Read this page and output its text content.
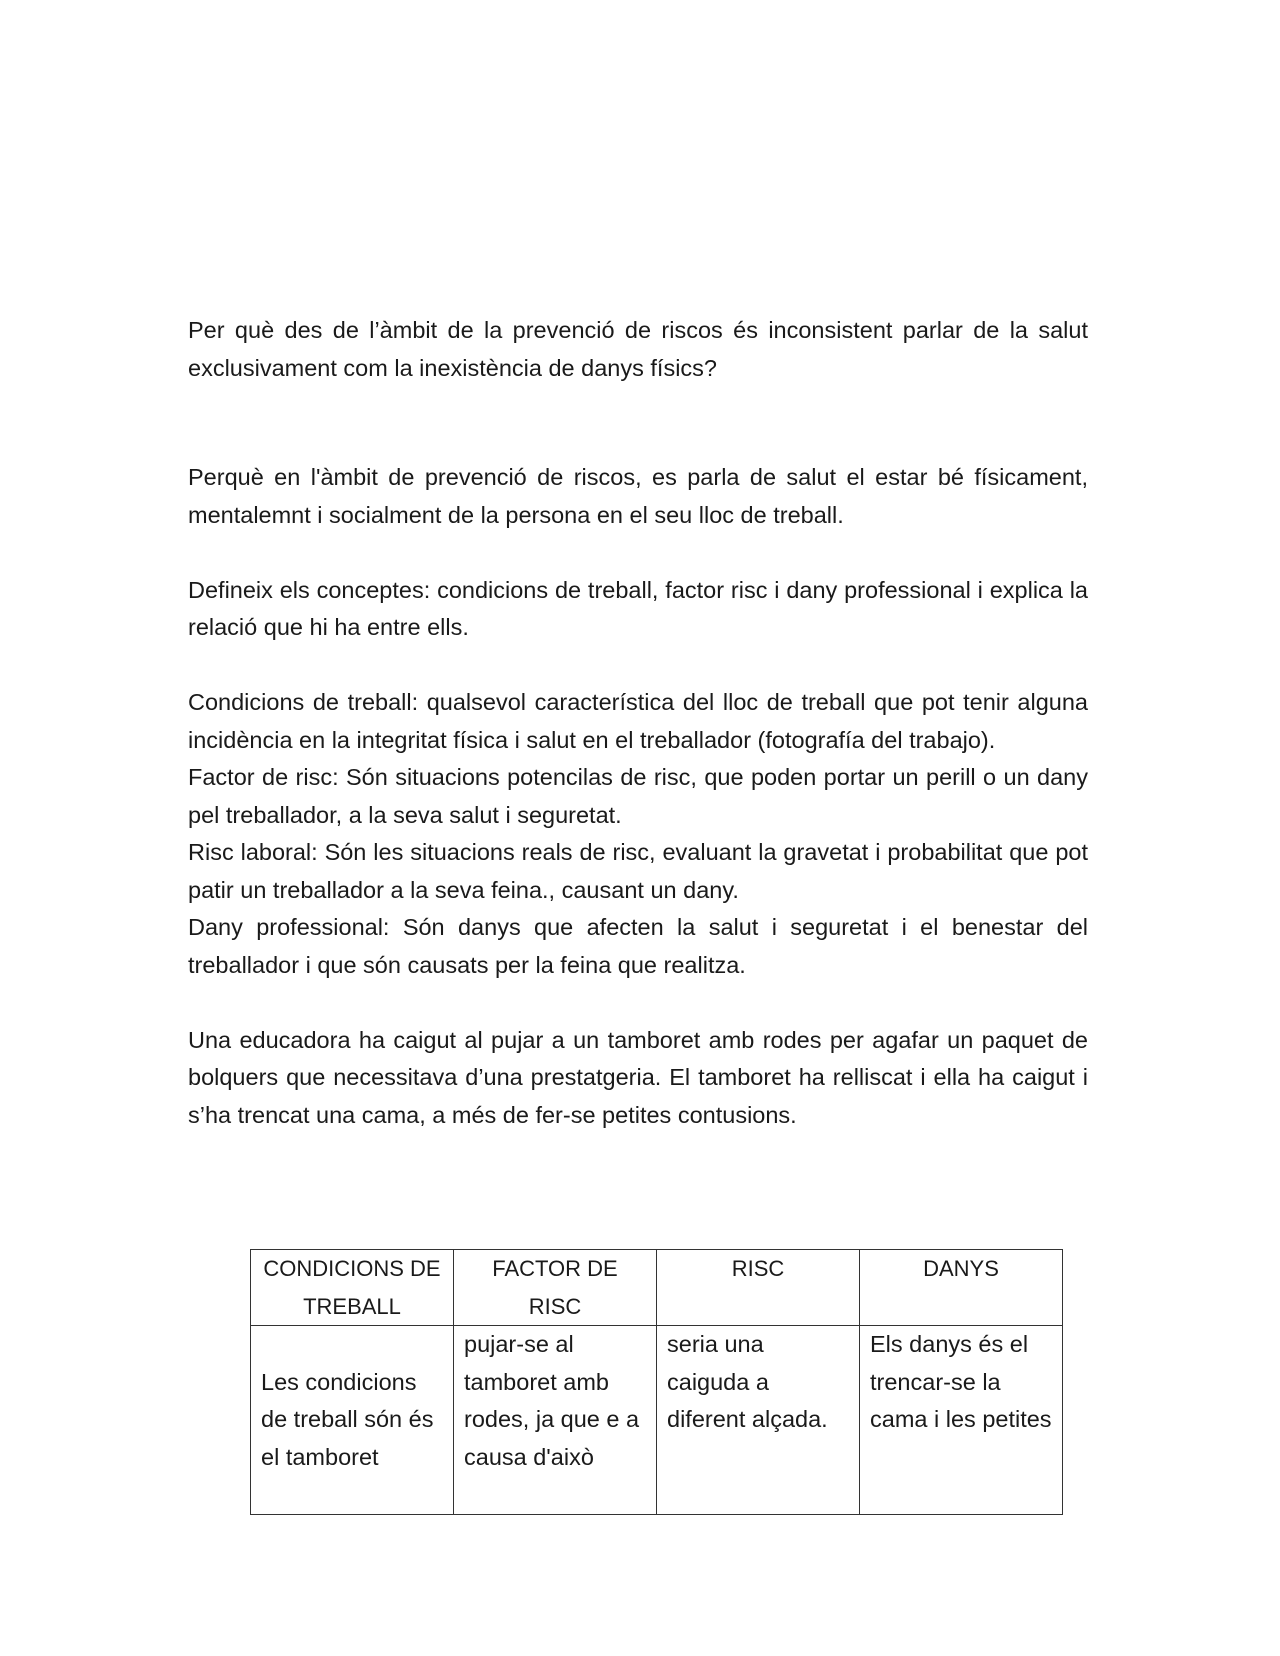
Per què des de l’àmbit de la prevenció de riscos és inconsistent parlar de la salut exclusivament com la inexistència de danys físics?

Perquè en l'àmbit de prevenció de riscos, es parla de salut el estar bé físicament, mentalemnt i socialment de la persona en el seu lloc de treball.

Defineix els conceptes: condicions de treball, factor risc i dany professional i explica la relació que hi ha entre ells.

Condicions de treball: qualsevol característica del lloc de treball que pot tenir alguna incidència en la integritat física i salut en el treballador (fotografía del trabajo).

Factor de risc: Són situacions potencilas de risc, que poden portar un perill o un dany pel treballador, a la seva salut i seguretat.

Risc laboral: Són les situacions reals de risc, evaluant la gravetat i probabilitat que pot patir un treballador a la seva feina., causant un dany.

Dany professional: Són danys que afecten la salut i seguretat i el benestar del treballador i que són causats per la feina que realitza.

Una educadora ha caigut al pujar a un tamboret amb rodes per agafar un paquet de bolquers que necessitava d’una prestatgeria. El tamboret ha relliscat i ella ha caigut i s’ha trencat una cama, a més de fer-se petites contusions.

CONDICIONS DE TREBALL	FACTOR DE RISC	RISC	DANYS
Les condicions de treball són és el tamboret	pujar-se al tamboret amb rodes, ja que e a causa d'això	seria una caiguda a diferent alçada.	Els danys és el trencar-se la cama i les petites
